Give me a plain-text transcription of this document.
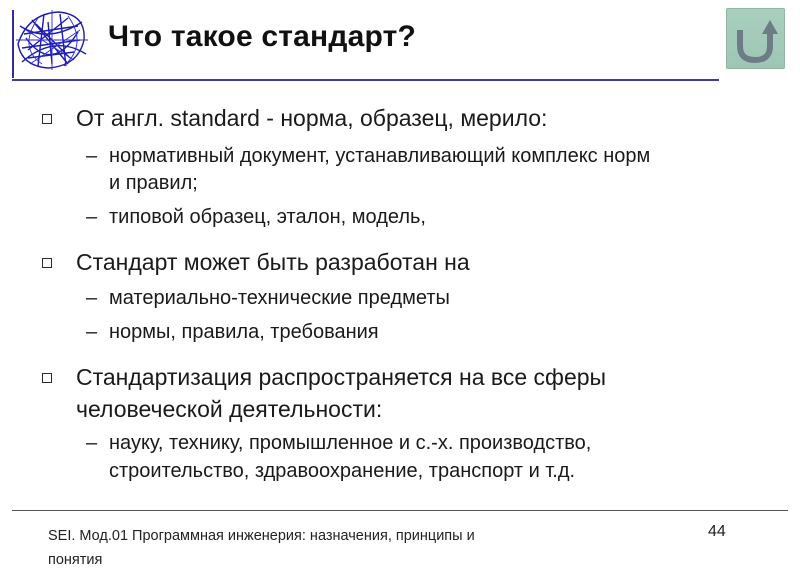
Что такое стандарт?
От англ. standard - норма, образец, мерило:
– нормативный документ, устанавливающий комплекс норм
и правил;
– типовой образец, эталон, модель,
Стандарт может быть разработан на
– материально-технические предметы
– нормы, правила, требования
Стандартизация распространяется на все сферы
человеческой деятельности:
– науку, технику, промышленное и с.-х. производство,
строительство, здравоохранение, транспорт и т.д.
SEI. Мод.01 Программная инженерия: назначения, принципы и
понятия
44
